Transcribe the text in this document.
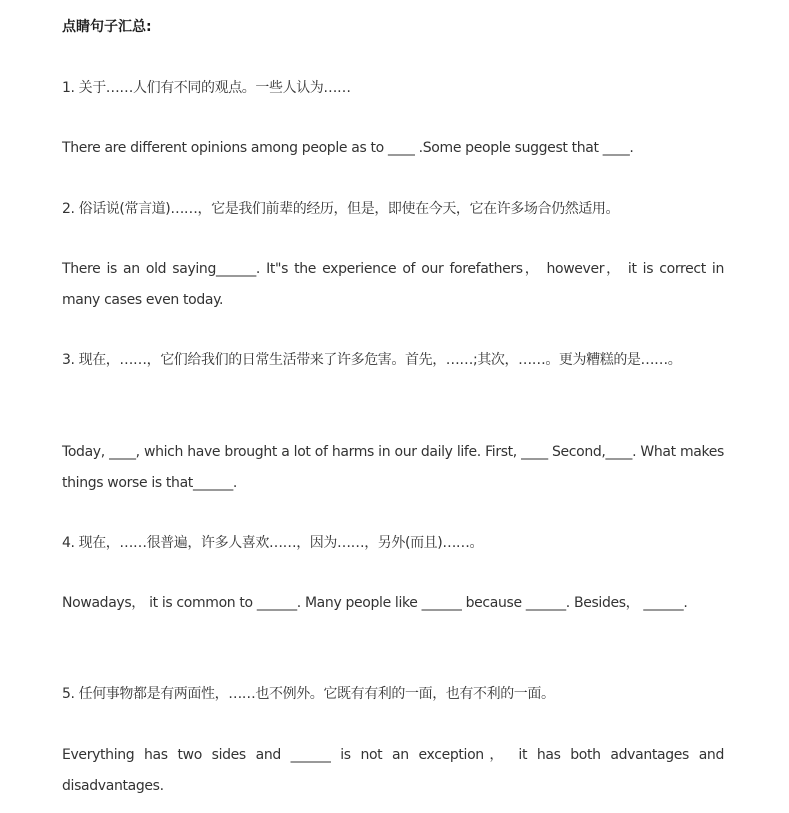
点睛句子汇总:

1. 关于……人们有不同的观点。一些人认为……

There are different opinions among people as to ____ .Some people suggest that ____.

2. 俗话说(常言道)……，它是我们前辈的经历，但是，即使在今天，它在许多场合仍然适用。

There is an old saying______. It"s the experience of our forefathers， however， it is correct in many cases even today.

3. 现在，……，它们给我们的日常生活带来了许多危害。首先，……;其次，……。更为糟糕的是……。

Today, ____, which have brought a lot of harms in our daily life. First, ____ Second,____. What makes things worse is that______.

4. 现在，……很普遍，许多人喜欢……，因为……，另外(而且)……。

Nowadays， it is common to ______. Many people like ______ because ______. Besides， ______.

5. 任何事物都是有两面性，……也不例外。它既有有利的一面，也有不利的一面。

Everything has two sides and ______ is not an exception， it has both advantages and disadvantages.
